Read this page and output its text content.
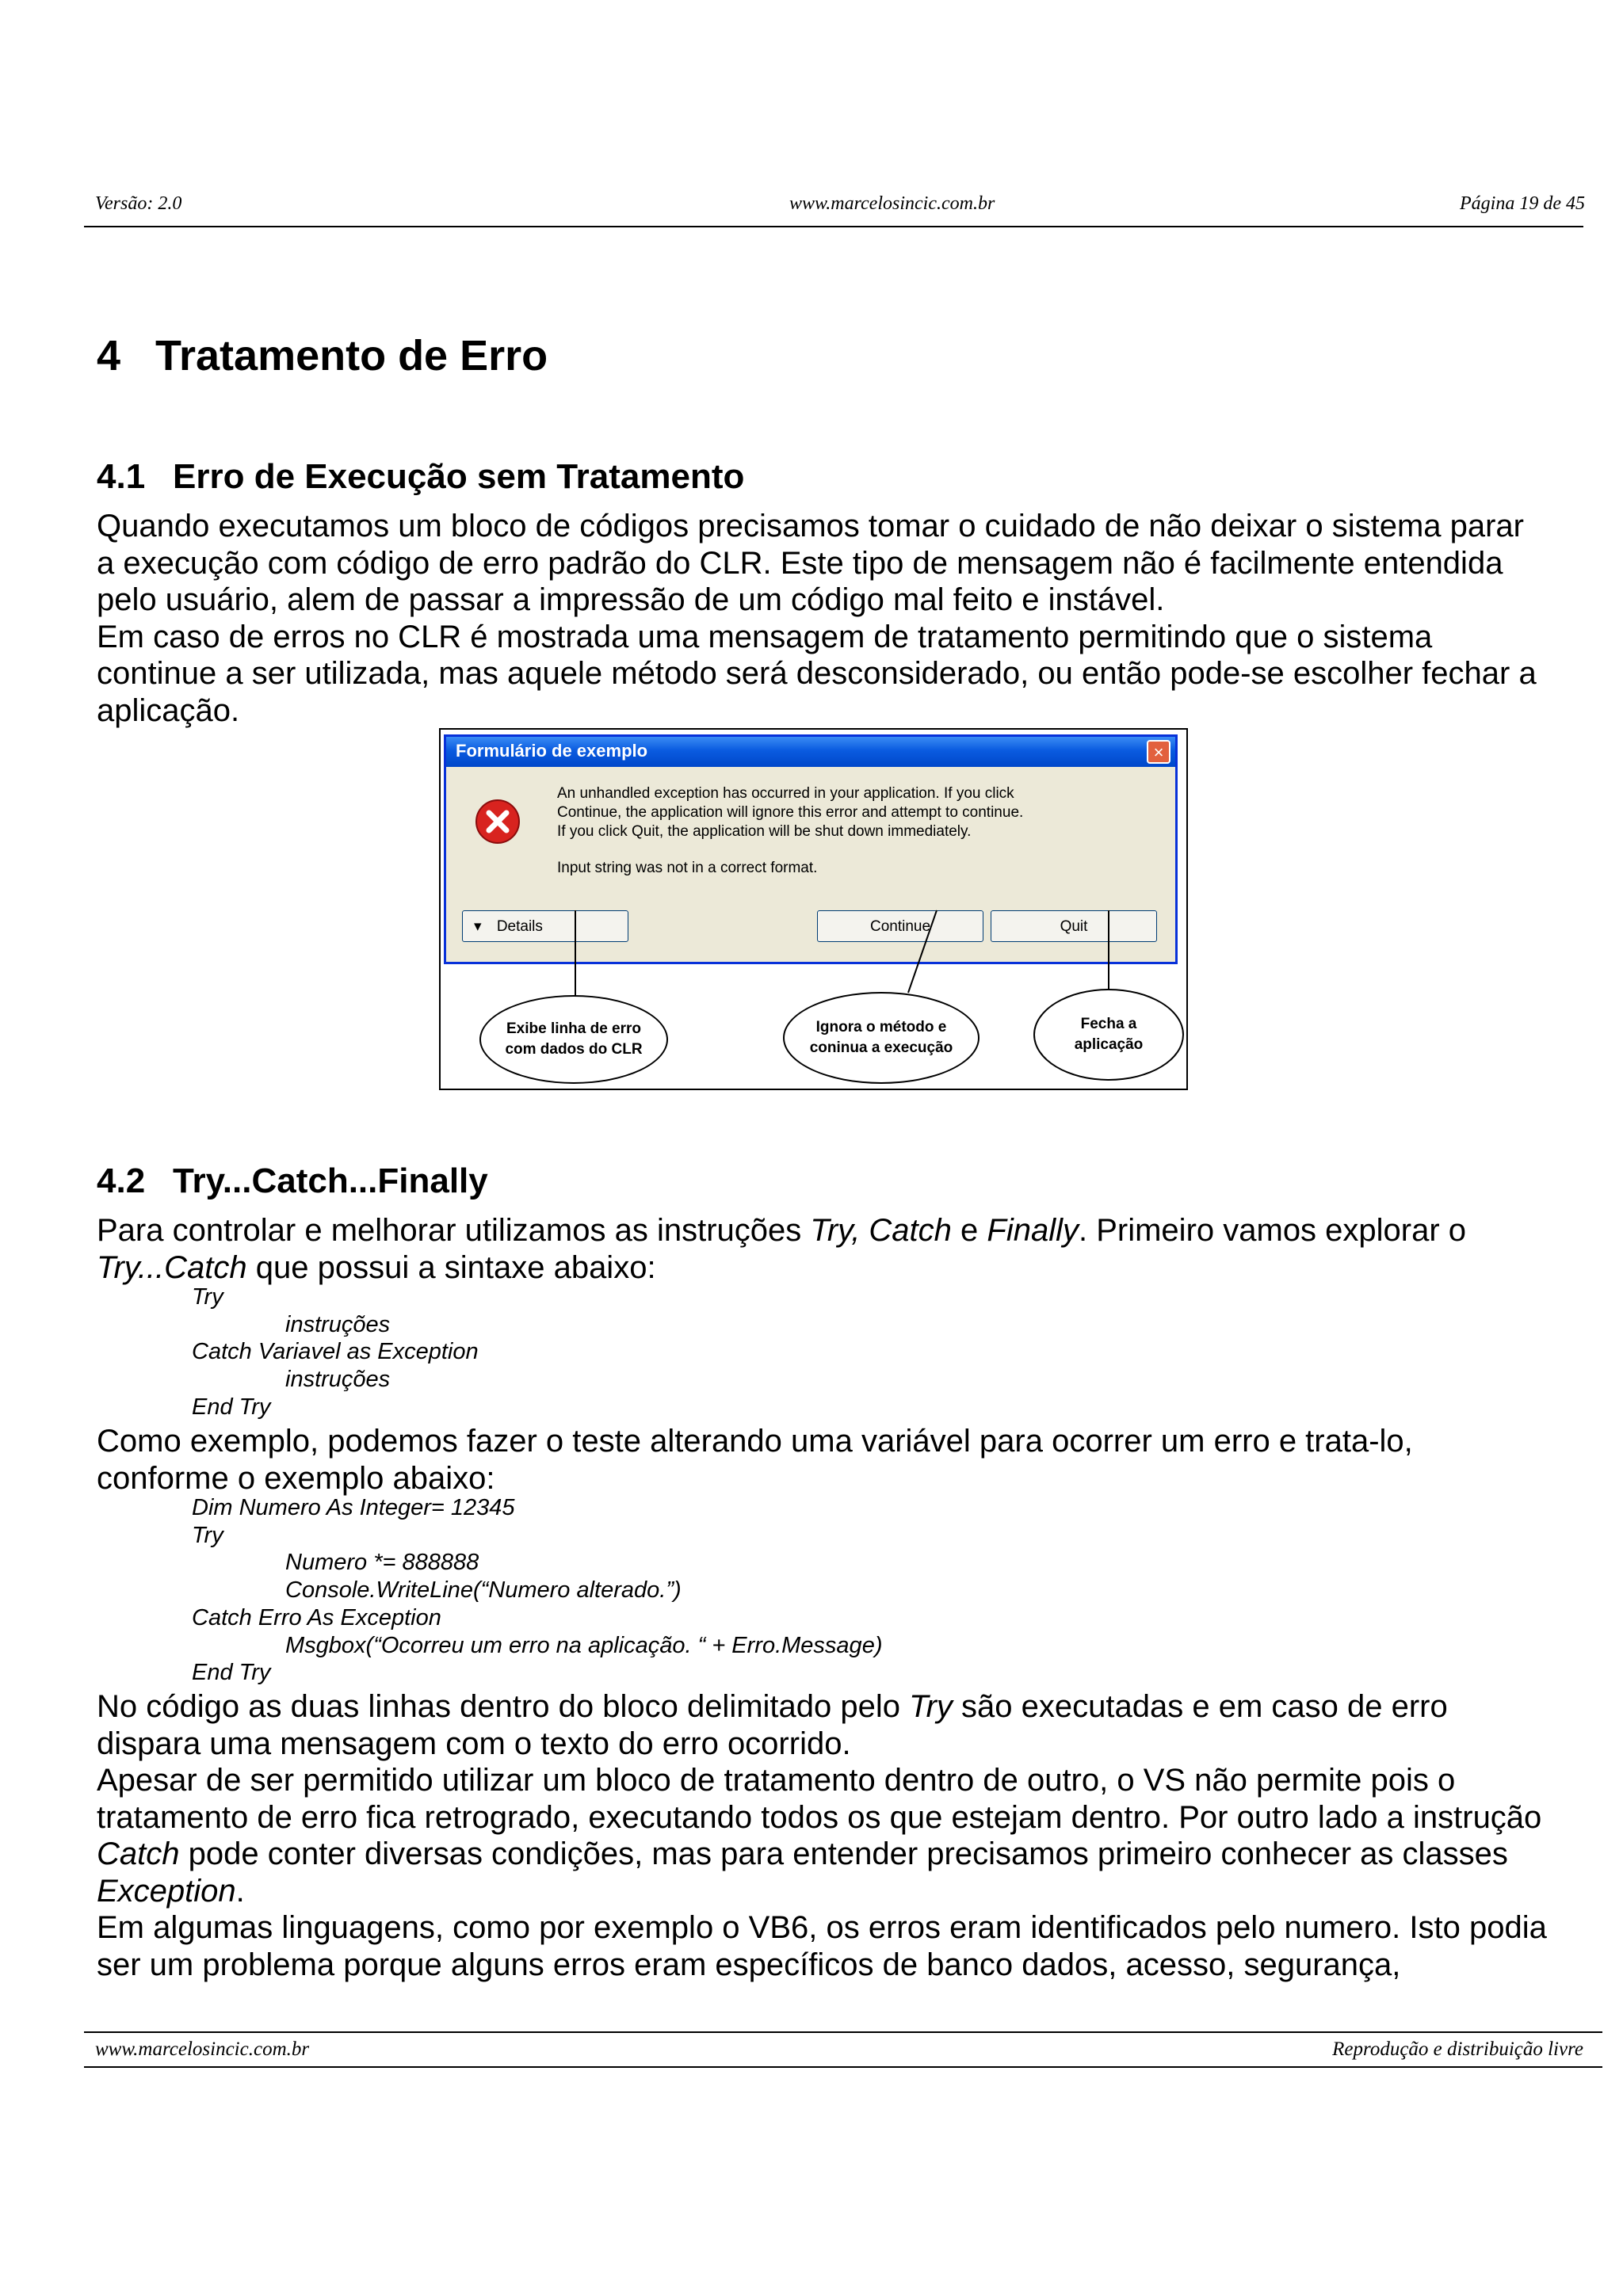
Versão: 2.0	www.marcelosincic.com.br	Página 19 de 45
4 Tratamento de Erro
4.1 Erro de Execução sem Tratamento

Quando executamos um bloco de códigos precisamos tomar o cuidado de não deixar o sistema parar a execução com código de erro padrão do CLR. Este tipo de mensagem não é facilmente entendida pelo usuário, alem de passar a impressão de um código mal feito e instável.

Em caso de erros no CLR é mostrada uma mensagem de tratamento permitindo que o sistema continue a ser utilizada, mas aquele método será desconsiderado, ou então pode-se escolher fechar a aplicação.

Formulário de exemplo	×
An unhandled exception has occurred in your application. If you click
Continue, the application will ignore this error and attempt to continue.
If you click Quit, the application will be shut down immediately.
Input string was not in a correct format.
▾ Details	Continue	Quit
Exibe linha de erro
com dados do CLR
Ignora o método e
coninua a execução
Fecha a
aplicação
4.2 Try...Catch...Finally

Para controlar e melhorar utilizamos as instruções Try, Catch e Finally. Primeiro vamos explorar o Try...Catch que possui a sintaxe abaixo:

Try
instruções
Catch Variavel as Exception
instruções
End Try

Como exemplo, podemos fazer o teste alterando uma variável para ocorrer um erro e trata-lo, conforme o exemplo abaixo:

Dim Numero As Integer= 12345
Try
Numero *= 888888
Console.WriteLine(“Numero alterado.”)
Catch Erro As Exception
Msgbox(“Ocorreu um erro na aplicação. “ + Erro.Message)
End Try

No código as duas linhas dentro do bloco delimitado pelo Try são executadas e em caso de erro dispara uma mensagem com o texto do erro ocorrido.

Apesar de ser permitido utilizar um bloco de tratamento dentro de outro, o VS não permite pois o tratamento de erro fica retrogrado, executando todos os que estejam dentro. Por outro lado a instrução Catch pode conter diversas condições, mas para entender precisamos primeiro conhecer as classes Exception.

Em algumas linguagens, como por exemplo o VB6, os erros eram identificados pelo numero. Isto podia ser um problema porque alguns erros eram específicos de banco dados, acesso, segurança,

www.marcelosincic.com.br	Reprodução e distribuição livre
